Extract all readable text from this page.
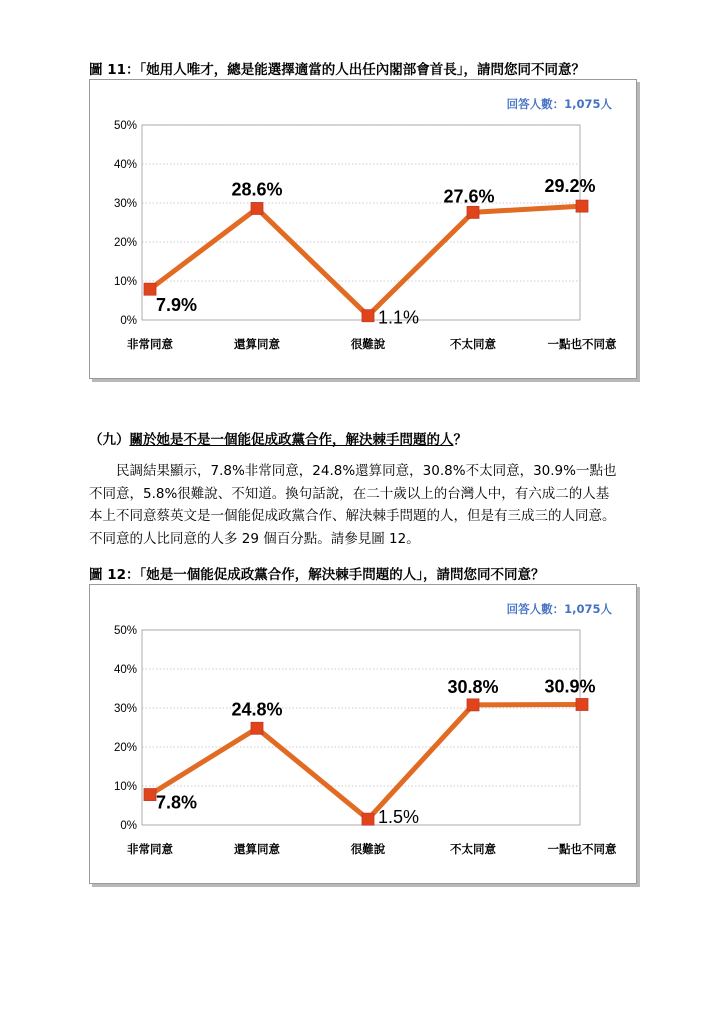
圖 11：「她用人唯才，總是能選擇適當的人出任內閣部會首長」，請問您同不同意？
回答人數：1,075人
0%
10%
20%
30%
40%
50%
非常同意	還算同意	很難說	不太同意	一點也不同意
7.9%
28.6%
1.1%
27.6%
29.2%
（九）關於她是不是一個能促成政黨合作，解決棘手問題的人？
民調結果顯示，7.8%非常同意，24.8%還算同意，30.8%不太同意，30.9%一點也
不同意，5.8%很難說、不知道。換句話說，在二十歲以上的台灣人中，有六成二的人基
本上不同意蔡英文是一個能促成政黨合作、解決棘手問題的人，但是有三成三的人同意。
不同意的人比同意的人多 29 個百分點。請參見圖 12。
圖 12：「她是一個能促成政黨合作，解決棘手問題的人」，請問您同不同意？
回答人數：1,075人
0%
10%
20%
30%
40%
50%
非常同意	還算同意	很難說	不太同意	一點也不同意
7.8%
24.8%
1.5%
30.8%	30.9%
